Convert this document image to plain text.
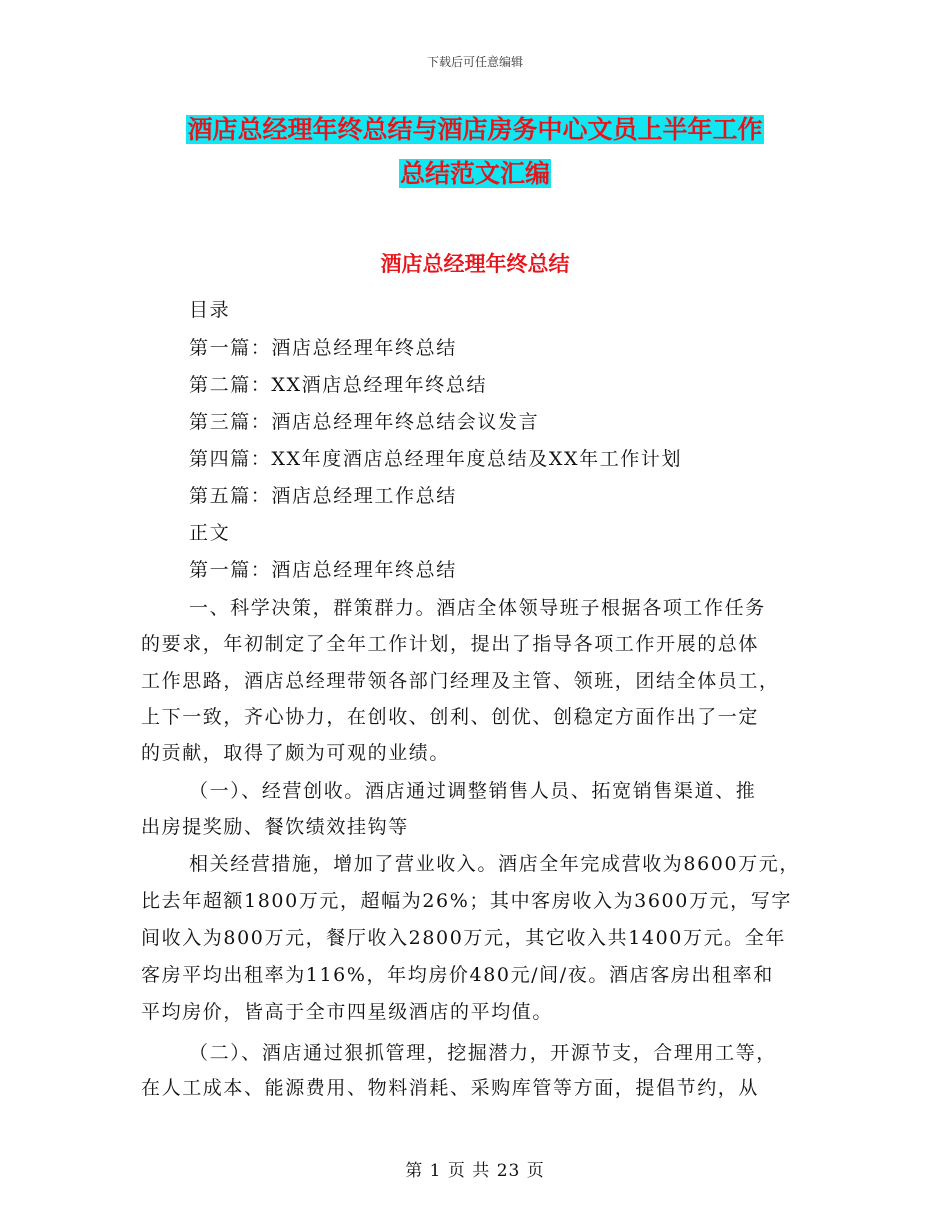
下载后可任意编辑
酒店总经理年终总结与酒店房务中心文员上半年工作
总结范文汇编
酒店总经理年终总结
目录
第一篇：酒店总经理年终总结
第二篇：XX酒店总经理年终总结
第三篇：酒店总经理年终总结会议发言
第四篇：XX年度酒店总经理年度总结及XX年工作计划
第五篇：酒店总经理工作总结
正文
第一篇：酒店总经理年终总结
一、科学决策，群策群力。酒店全体领导班子根据各项工作任务
的要求，年初制定了全年工作计划，提出了指导各项工作开展的总体
工作思路，酒店总经理带领各部门经理及主管、领班，团结全体员工，
上下一致，齐心协力，在创收、创利、创优、创稳定方面作出了一定
的贡献，取得了颇为可观的业绩。
（一）、经营创收。酒店通过调整销售人员、拓宽销售渠道、推
出房提奖励、餐饮绩效挂钩等
相关经营措施，增加了营业收入。酒店全年完成营收为8600万元，
比去年超额1800万元，超幅为26%；其中客房收入为3600万元，写字
间收入为800万元，餐厅收入2800万元，其它收入共1400万元。全年
客房平均出租率为116%，年均房价480元/间/夜。酒店客房出租率和
平均房价，皆高于全市四星级酒店的平均值。
（二）、酒店通过狠抓管理，挖掘潜力，开源节支，合理用工等，
在人工成本、能源费用、物料消耗、采购库管等方面，提倡节约，从
第 1 页 共 23 页
